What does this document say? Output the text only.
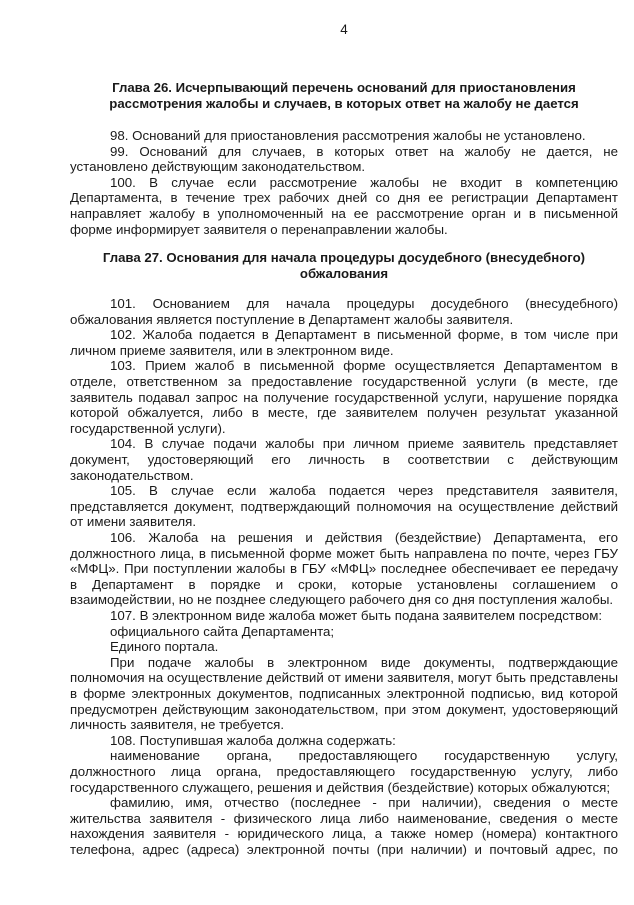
4
Глава 26. Исчерпывающий перечень оснований для приостановления
рассмотрения жалобы и случаев, в которых ответ на жалобу не дается
98. Оснований для приостановления рассмотрения жалобы не установлено.
99. Оснований для случаев, в которых ответ на жалобу не дается, не
установлено действующим законодательством.
100. В случае если рассмотрение жалобы не входит в компетенцию
Департамента, в течение трех рабочих дней со дня ее регистрации Департамент
направляет жалобу в уполномоченный на ее рассмотрение орган и в письменной
форме информирует заявителя о перенаправлении жалобы.
Глава 27. Основания для начала процедуры досудебного (внесудебного)
обжалования
101. Основанием для начала процедуры досудебного (внесудебного)
обжалования является поступление в Департамент жалобы заявителя.
102. Жалоба подается в Департамент в письменной форме, в том числе при
личном приеме заявителя, или в электронном виде.
103. Прием жалоб в письменной форме осуществляется Департаментом в
отделе, ответственном за предоставление государственной услуги (в месте, где
заявитель подавал запрос на получение государственной услуги, нарушение порядка
которой обжалуется, либо в месте, где заявителем получен результат указанной
государственной услуги).
104. В случае подачи жалобы при личном приеме заявитель представляет
документ, удостоверяющий его личность в соответствии с действующим
законодательством.
105. В случае если жалоба подается через представителя заявителя,
представляется документ, подтверждающий полномочия на осуществление действий
от имени заявителя.
106. Жалоба на решения и действия (бездействие) Департамента, его
должностного лица, в письменной форме может быть направлена по почте, через ГБУ
«МФЦ». При поступлении жалобы в ГБУ «МФЦ» последнее обеспечивает ее передачу
в Департамент в порядке и сроки, которые установлены соглашением о
взаимодействии, но не позднее следующего рабочего дня со дня поступления жалобы.
107. В электронном виде жалоба может быть подана заявителем посредством:
официального сайта Департамента;
Единого портала.
При подаче жалобы в электронном виде документы, подтверждающие
полномочия на осуществление действий от имени заявителя, могут быть представлены
в форме электронных документов, подписанных электронной подписью, вид которой
предусмотрен действующим законодательством, при этом документ, удостоверяющий
личность заявителя, не требуется.
108. Поступившая жалоба должна содержать:
наименование органа, предоставляющего государственную услугу,
должностного лица органа, предоставляющего государственную услугу, либо
государственного служащего, решения и действия (бездействие) которых обжалуются;
фамилию, имя, отчество (последнее - при наличии), сведения о месте
жительства заявителя - физического лица либо наименование, сведения о месте
нахождения заявителя - юридического лица, а также номер (номера) контактного
телефона, адрес (адреса) электронной почты (при наличии) и почтовый адрес, по
